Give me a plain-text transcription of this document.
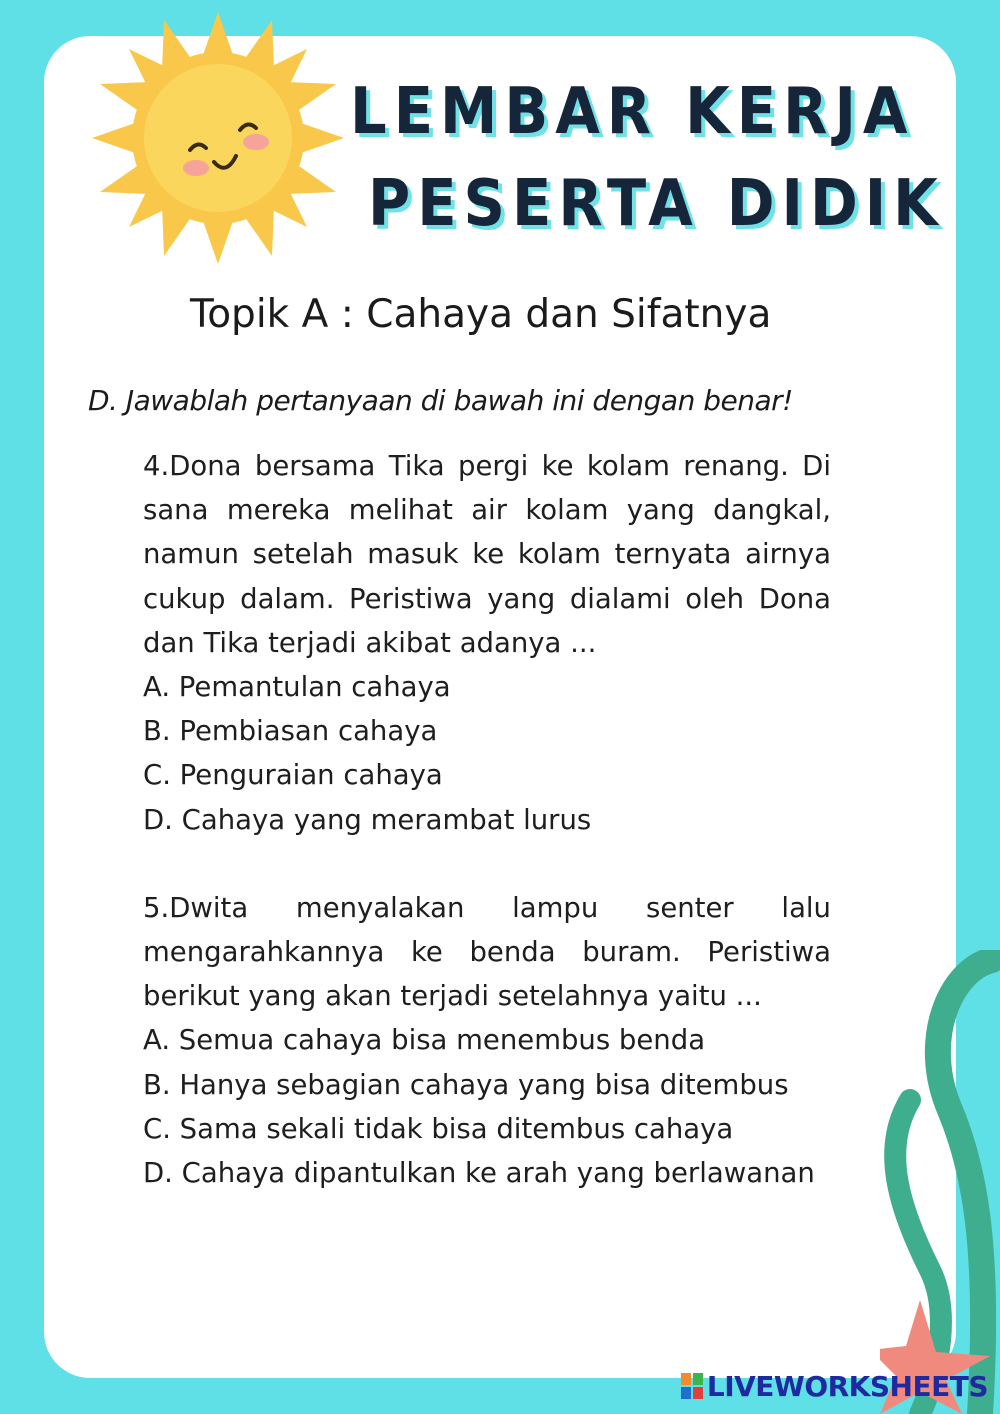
LEMBAR KERJA
PESERTA DIDIK
Topik A : Cahaya dan Sifatnya
D. Jawablah pertanyaan di bawah ini dengan benar!

4.Dona bersama Tika pergi ke kolam renang. Di sana mereka melihat air kolam yang dangkal, namun setelah masuk ke kolam ternyata airnya cukup dalam. Peristiwa yang dialami oleh Dona dan Tika terjadi akibat adanya ...

A. Pemantulan cahaya

B. Pembiasan cahaya

C. Penguraian cahaya

D. Cahaya yang merambat lurus

5.Dwita menyalakan lampu senter lalu mengarahkannya ke benda buram. Peristiwa berikut yang akan terjadi setelahnya yaitu ...

A. Semua cahaya bisa menembus benda

B. Hanya sebagian cahaya yang bisa ditembus

C. Sama sekali tidak bisa ditembus cahaya

D. Cahaya dipantulkan ke arah yang berlawanan

LIVEWORKSHEETS
